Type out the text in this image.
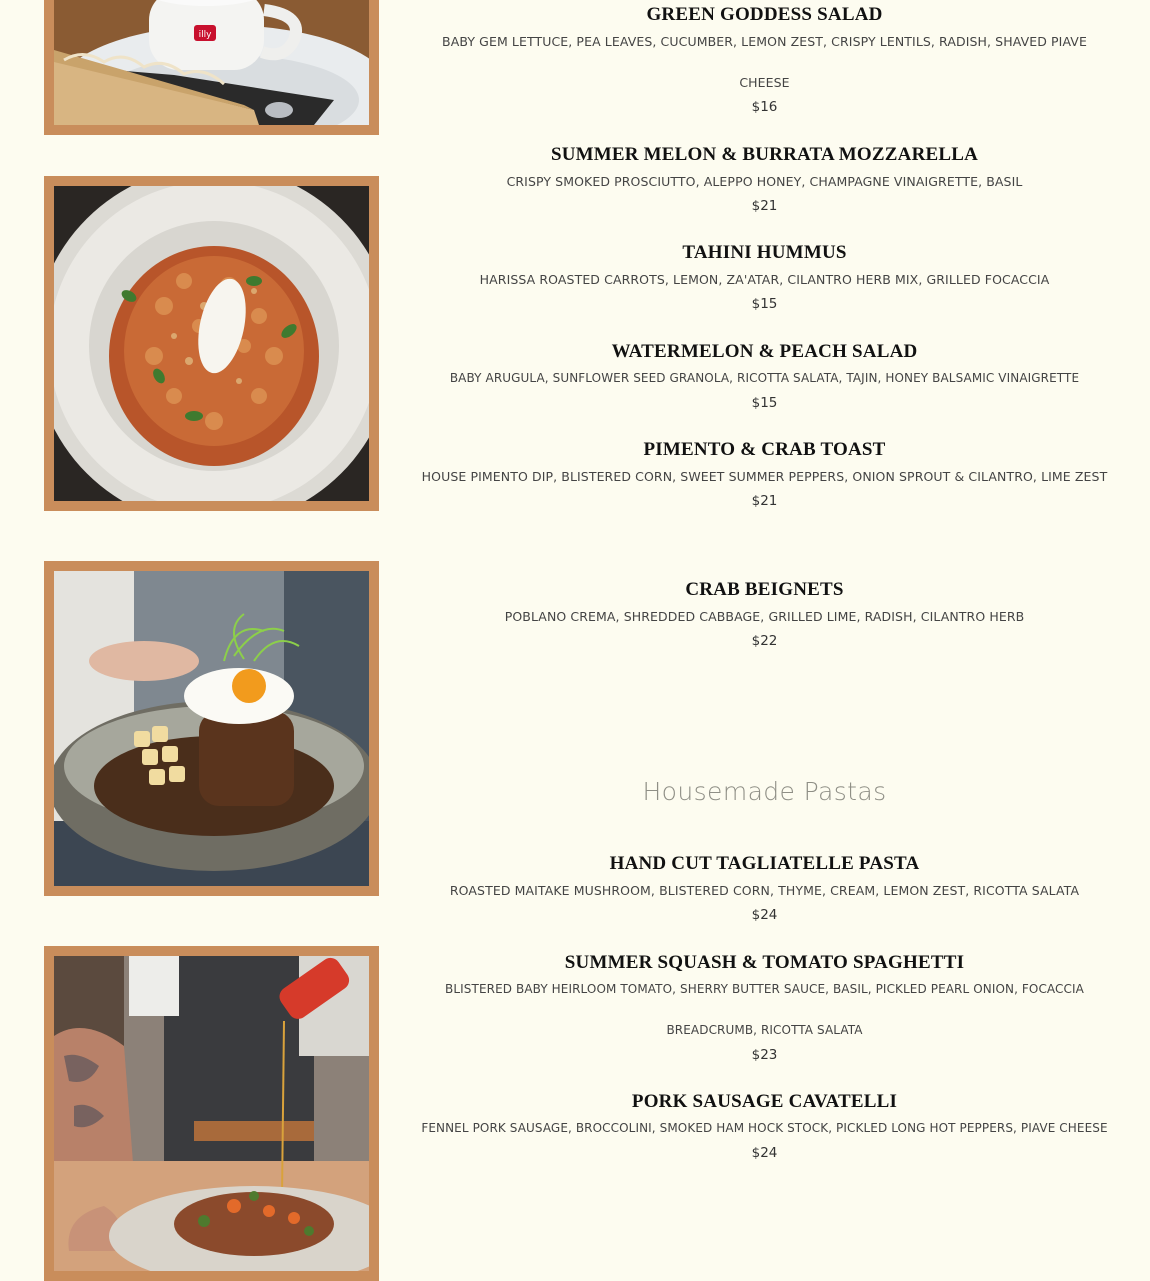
illy
GREEN GODDESS SALAD
BABY GEM LETTUCE, PEA LEAVES, CUCUMBER, LEMON ZEST, CRISPY LENTILS, RADISH, SHAVED PIAVE CHEESE
$16
SUMMER MELON & BURRATA MOZZARELLA
CRISPY SMOKED PROSCIUTTO, ALEPPO HONEY, CHAMPAGNE VINAIGRETTE, BASIL
$21
TAHINI HUMMUS
HARISSA ROASTED CARROTS, LEMON, ZA'ATAR, CILANTRO HERB MIX, GRILLED FOCACCIA
$15
WATERMELON & PEACH SALAD
BABY ARUGULA, SUNFLOWER SEED GRANOLA, RICOTTA SALATA, TAJIN, HONEY BALSAMIC VINAIGRETTE
$15
PIMENTO & CRAB TOAST
HOUSE PIMENTO DIP, BLISTERED CORN, SWEET SUMMER PEPPERS, ONION SPROUT & CILANTRO, LIME ZEST
$21
CRAB BEIGNETS
POBLANO CREMA, SHREDDED CABBAGE, GRILLED LIME, RADISH, CILANTRO HERB
$22
Housemade Pastas
HAND CUT TAGLIATELLE PASTA
ROASTED MAITAKE MUSHROOM, BLISTERED CORN, THYME, CREAM, LEMON ZEST, RICOTTA SALATA
$24
SUMMER SQUASH & TOMATO SPAGHETTI
BLISTERED BABY HEIRLOOM TOMATO, SHERRY BUTTER SAUCE, BASIL, PICKLED PEARL ONION, FOCACCIA BREADCRUMB, RICOTTA SALATA
$23
PORK SAUSAGE CAVATELLI
FENNEL PORK SAUSAGE, BROCCOLINI, SMOKED HAM HOCK STOCK, PICKLED LONG HOT PEPPERS, PIAVE CHEESE
$24
